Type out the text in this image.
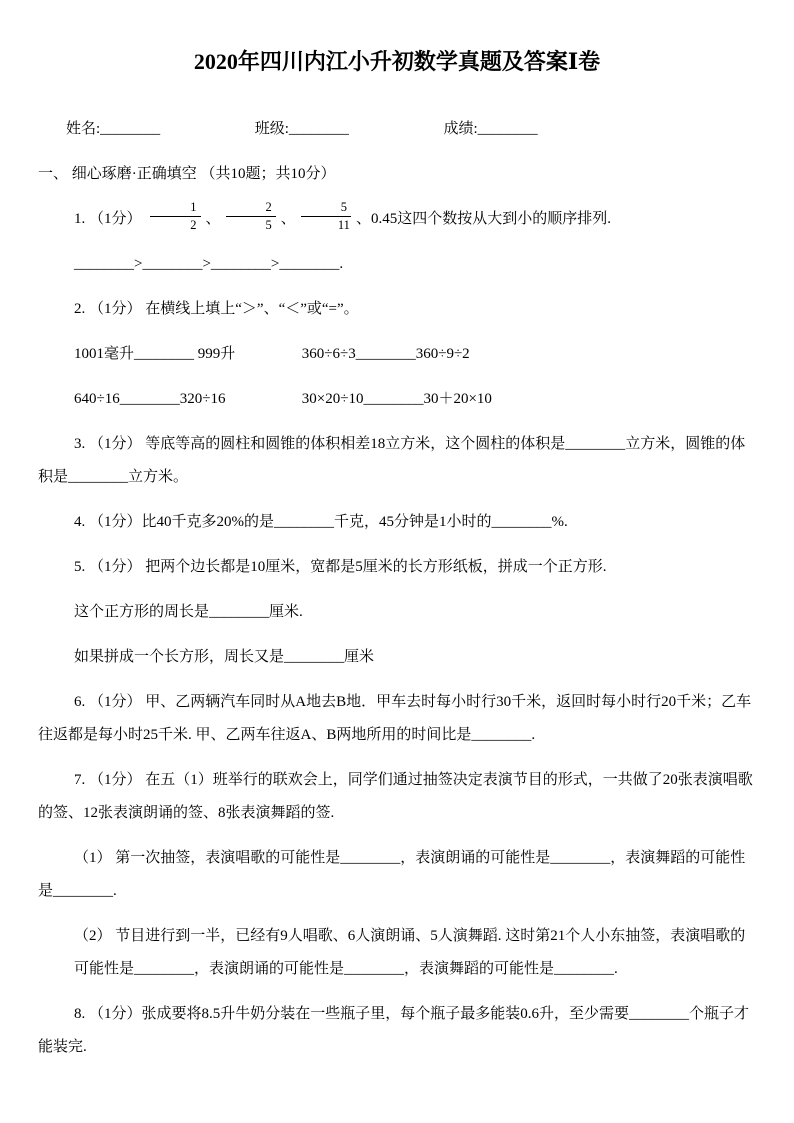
2020年四川内江小升初数学真题及答案Ⅰ卷
姓名:________	班级:________	成绩:________
一、 细心琢磨·正确填空 （共10题；共10分）
1. （1分） $\frac{1}{2}$ 、 $\frac{2}{5}$ 、 $\frac{5}{11}$ 、0.45这四个数按从大到小的顺序排列.
________>________>________>________.
2. （1分） 在横线上填上“＞”、“＜”或“=”。
1001毫升________ 999升	360÷6÷3________360÷9÷2
640÷16________320÷16	30×20÷10________30＋20×10
3. （1分） 等底等高的圆柱和圆锥的体积相差18立方米，这个圆柱的体积是________立方米，圆锥的体积是________立方米。
4. （1分）比40千克多20%的是________千克，45分钟是1小时的________%.
5. （1分） 把两个边长都是10厘米，宽都是5厘米的长方形纸板，拼成一个正方形.
这个正方形的周长是________厘米.
如果拼成一个长方形，周长又是________厘米
6. （1分） 甲、乙两辆汽车同时从A地去B地．甲车去时每小时行30千米，返回时每小时行20千米；乙车往返都是每小时25千米. 甲、乙两车往返A、B两地所用的时间比是________.
7. （1分） 在五（1）班举行的联欢会上，同学们通过抽签决定表演节目的形式，一共做了20张表演唱歌的签、12张表演朗诵的签、8张表演舞蹈的签.
（1） 第一次抽签，表演唱歌的可能性是________，表演朗诵的可能性是________，表演舞蹈的可能性是________.
（2） 节目进行到一半，已经有9人唱歌、6人演朗诵、5人演舞蹈. 这时第21个人小东抽签，表演唱歌的可能性是________，表演朗诵的可能性是________，表演舞蹈的可能性是________.
8. （1分）张成要将8.5升牛奶分装在一些瓶子里，每个瓶子最多能装0.6升，至少需要________个瓶子才能装完.
